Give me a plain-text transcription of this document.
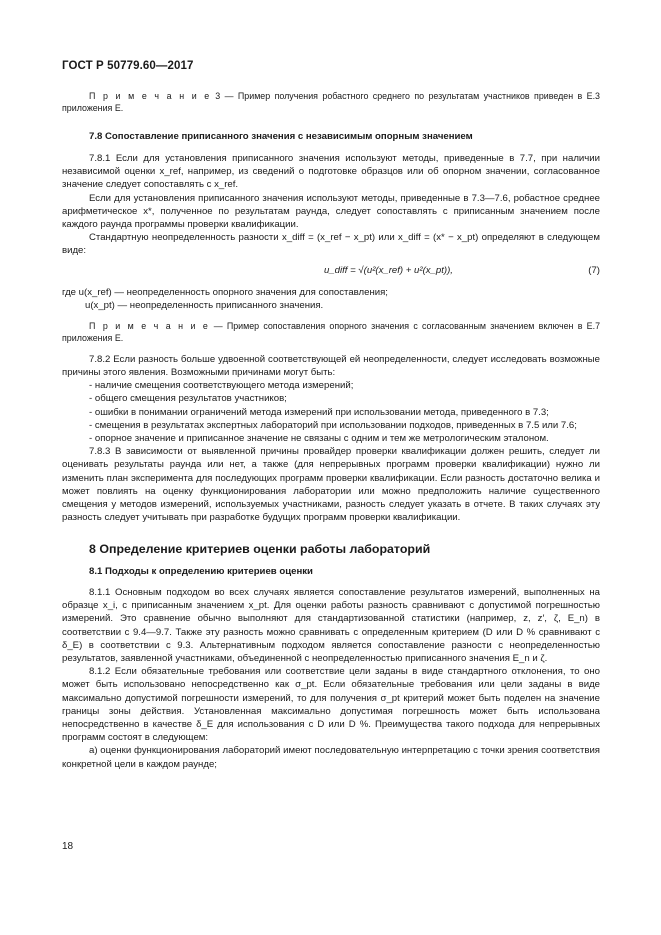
ГОСТ Р 50779.60—2017

П р и м е ч а н и е 3 — Пример получения робастного среднего по результатам участников приведен в Е.3 приложения Е.

7.8 Сопоставление приписанного значения с независимым опорным значением

7.8.1 Если для установления приписанного значения используют методы, приведенные в 7.7, при наличии независимой оценки x_ref, например, из сведений о подготовке образцов или об опорном значении, согласованное значение следует сопоставлять с x_ref.

Если для установления приписанного значения используют методы, приведенные в 7.3—7.6, робастное среднее арифметическое x*, полученное по результатам раунда, следует сопоставлять с приписанным значением после каждого раунда программы проверки квалификации.

Стандартную неопределенность разности x_diff = (x_ref − x_pt) или x_diff = (x* − x_pt) определяют в следующем виде:

u_diff = √(u²(x_ref) + u²(x_pt)),	(7)

где u(x_ref) — неопределенность опорного значения для сопоставления;

u(x_pt) — неопределенность приписанного значения.

П р и м е ч а н и е — Пример сопоставления опорного значения с согласованным значением включен в Е.7 приложения Е.

7.8.2 Если разность больше удвоенной соответствующей ей неопределенности, следует исследовать возможные причины этого явления. Возможными причинами могут быть:

- наличие смещения соответствующего метода измерений;

- общего смещения результатов участников;

- ошибки в понимании ограничений метода измерений при использовании метода, приведенного в 7.3;

- смещения в результатах экспертных лабораторий при использовании подходов, приведенных в 7.5 или 7.6;

- опорное значение и приписанное значение не связаны с одним и тем же метрологическим эталоном.

7.8.3 В зависимости от выявленной причины провайдер проверки квалификации должен решить, следует ли оценивать результаты раунда или нет, а также (для непрерывных программ проверки квалификации) нужно ли изменить план эксперимента для последующих программ проверки квалификации. Если разность достаточно велика и может повлиять на оценку функционирования лаборатории или можно предположить наличие существенного смещения у методов измерений, используемых участниками, разность следует указать в отчете. В таких случаях эту разность следует учитывать при разработке будущих программ проверки квалификации.

8 Определение критериев оценки работы лабораторий

8.1 Подходы к определению критериев оценки

8.1.1 Основным подходом во всех случаях является сопоставление результатов измерений, выполненных на образце x_i, с приписанным значением x_pt. Для оценки работы разность сравнивают с допустимой погрешностью измерений. Это сравнение обычно выполняют для стандартизованной статистики (например, z, z′, ζ, E_n) в соответствии с 9.4—9.7. Также эту разность можно сравнивать с определенным критерием (D или D % сравнивают с δ_E) в соответствии с 9.3. Альтернативным подходом является сопоставление разности с неопределенностью результатов, заявленной участниками, объединенной с неопределенностью приписанного значения E_n и ζ.

8.1.2 Если обязательные требования или соответствие цели заданы в виде стандартного отклонения, то оно может быть использовано непосредственно как σ_pt. Если обязательные требования или цели заданы в виде максимально допустимой погрешности измерений, то для получения σ_pt критерий может быть поделен на значение границы зоны действия. Установленная максимально допустимая погрешность может быть использована непосредственно в качестве δ_E для использования с D или D %. Преимущества такого подхода для непрерывных программ состоят в следующем:

а) оценки функционирования лабораторий имеют последовательную интерпретацию с точки зрения соответствия конкретной цели в каждом раунде;

18
